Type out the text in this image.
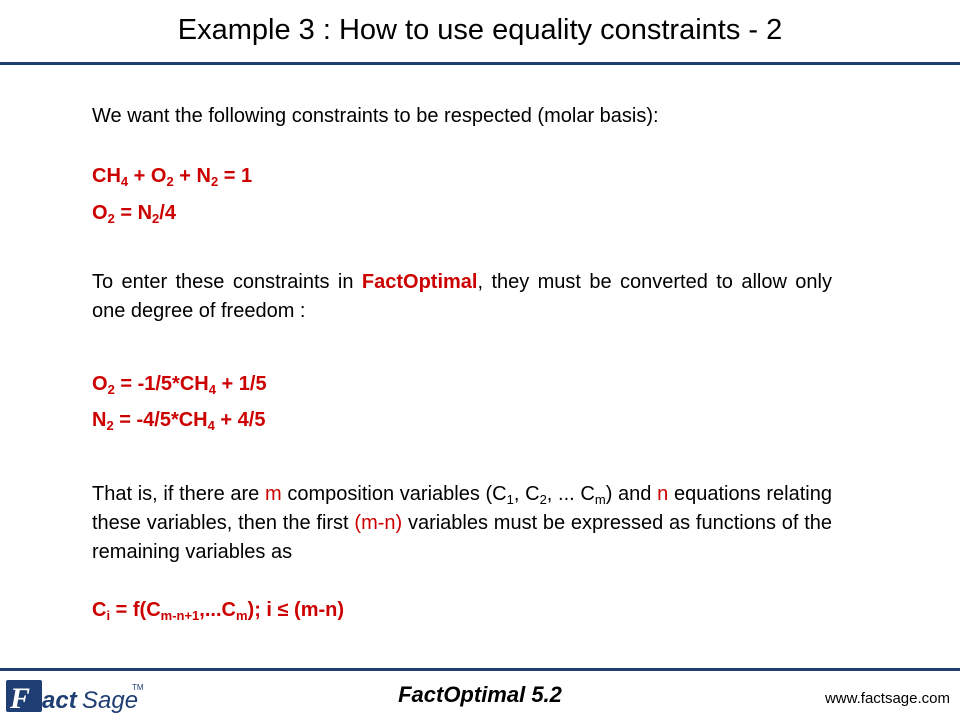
Example 3 : How to use equality constraints - 2
We want the following constraints to be respected (molar basis):
$CH_4 + O_2 + N_2 = 1$
$O_2 = N_2/4$
To enter these constraints in FactOptimal, they must be converted to allow only one degree of freedom :
$O_2 = -1/5*CH_4 + 1/5$
$N_2 = -4/5*CH_4 + 4/5$
That is, if there are m composition variables ($C_1$, $C_2$, ... $C_m$) and n equations relating these variables, then the first (m-n) variables must be expressed as functions of the remaining variables as
$C_i = f(C_{m-n+1},...C_m)$; i ≤ (m-n)
F act Sage
TM	FactOptimal 5.2	www.factsage.com
